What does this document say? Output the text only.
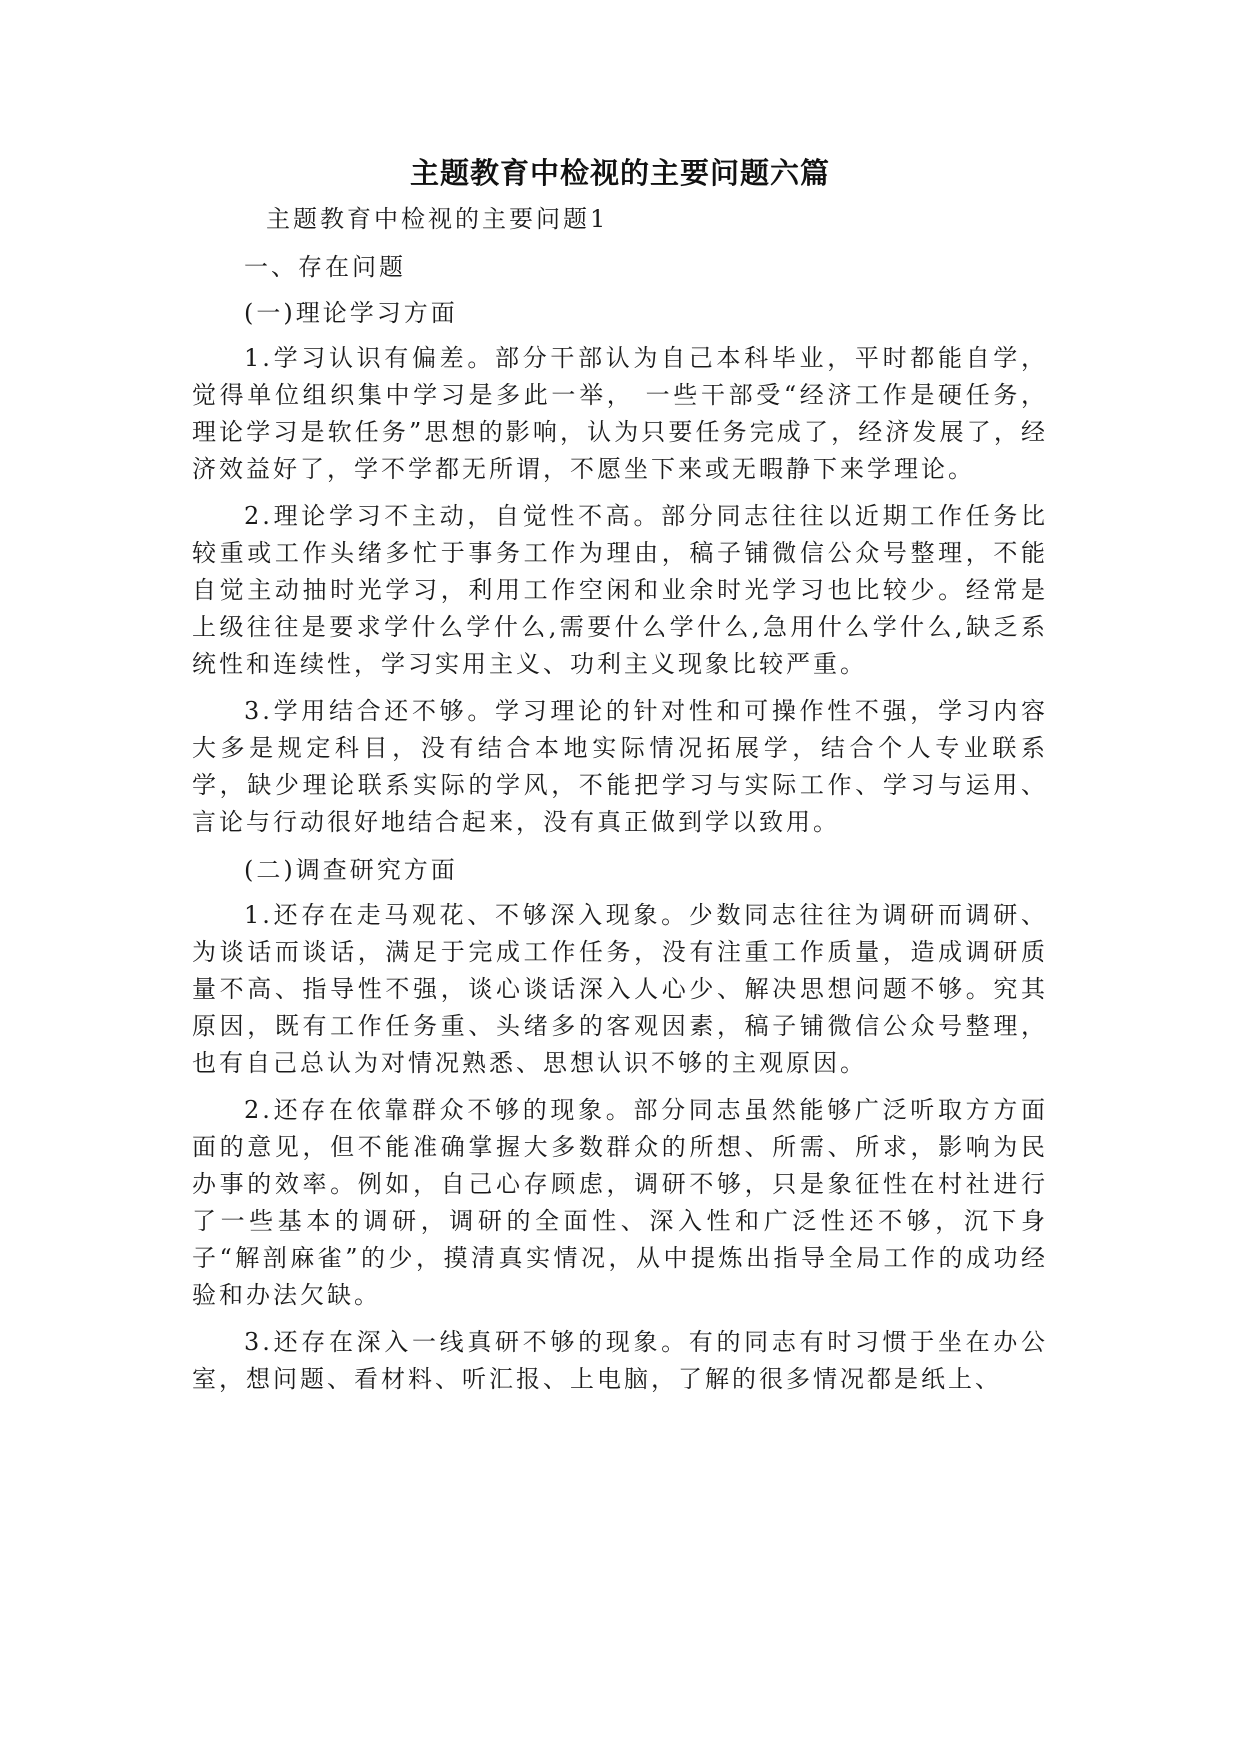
主题教育中检视的主要问题六篇

主题教育中检视的主要问题1

一、存在问题

(一)理论学习方面

1.学习认识有偏差。部分干部认为自己本科毕业，平时都能自学，觉得单位组织集中学习是多此一举， 一些干部受“经济工作是硬任务，理论学习是软任务”思想的影响，认为只要任务完成了，经济发展了，经济效益好了，学不学都无所谓，不愿坐下来或无暇静下来学理论。

2.理论学习不主动，自觉性不高。部分同志往往以近期工作任务比较重或工作头绪多忙于事务工作为理由，稿子铺微信公众号整理，不能自觉主动抽时光学习，利用工作空闲和业余时光学习也比较少。经常是上级往往是要求学什么学什么,需要什么学什么,急用什么学什么,缺乏系统性和连续性，学习实用主义、功利主义现象比较严重。

3.学用结合还不够。学习理论的针对性和可操作性不强，学习内容大多是规定科目，没有结合本地实际情况拓展学，结合个人专业联系学，缺少理论联系实际的学风，不能把学习与实际工作、学习与运用、言论与行动很好地结合起来，没有真正做到学以致用。

(二)调查研究方面

1.还存在走马观花、不够深入现象。少数同志往往为调研而调研、为谈话而谈话，满足于完成工作任务，没有注重工作质量，造成调研质量不高、指导性不强，谈心谈话深入人心少、解决思想问题不够。究其原因，既有工作任务重、头绪多的客观因素，稿子铺微信公众号整理，也有自己总认为对情况熟悉、思想认识不够的主观原因。

2.还存在依靠群众不够的现象。部分同志虽然能够广泛听取方方面面的意见，但不能准确掌握大多数群众的所想、所需、所求，影响为民办事的效率。例如，自己心存顾虑，调研不够，只是象征性在村社进行了一些基本的调研，调研的全面性、深入性和广泛性还不够，沉下身子“解剖麻雀”的少，摸清真实情况，从中提炼出指导全局工作的成功经验和办法欠缺。

3.还存在深入一线真研不够的现象。有的同志有时习惯于坐在办公室，想问题、看材料、听汇报、上电脑，了解的很多情况都是纸上、
